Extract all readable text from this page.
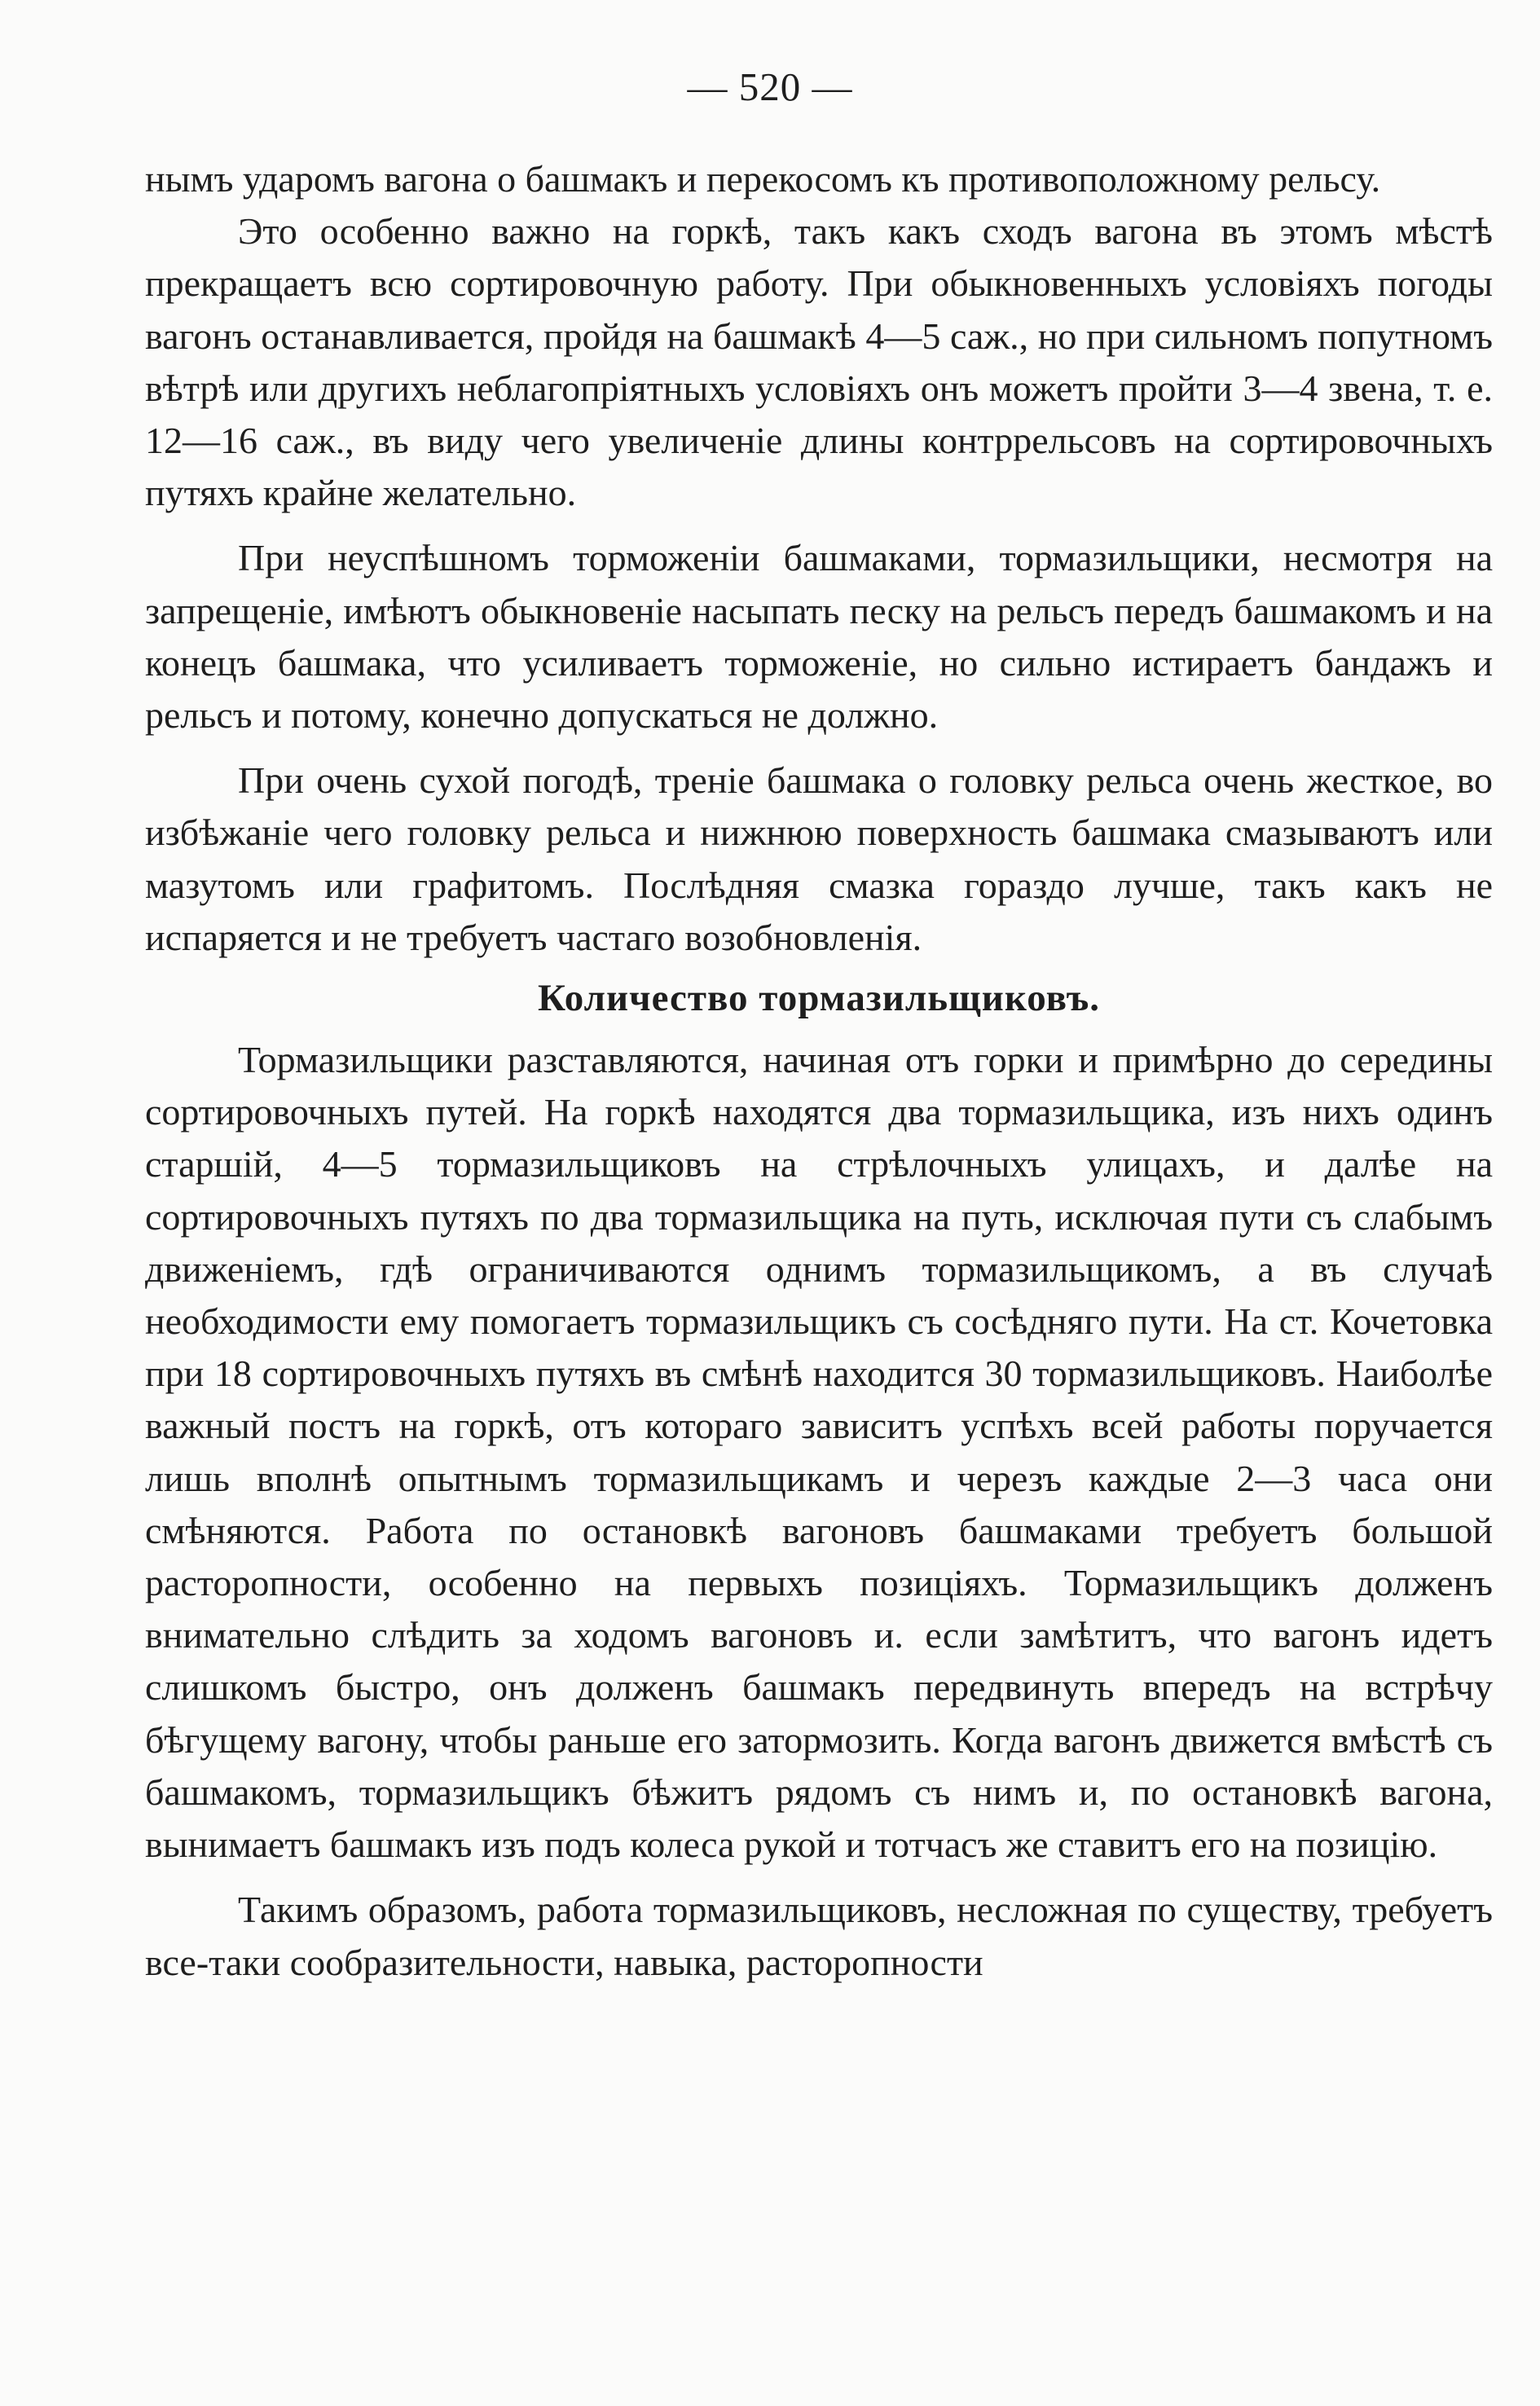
— 520 —

нымъ ударомъ вагона о башмакъ и перекосомъ къ противоположному рельсу.

Это особенно важно на горкѣ, такъ какъ сходъ вагона въ этомъ мѣстѣ прекращаетъ всю сортировочную работу. При обыкновенныхъ условіяхъ погоды вагонъ останавливается, пройдя на башмакѣ 4—5 саж., но при сильномъ попутномъ вѣтрѣ или другихъ неблагопріятныхъ условіяхъ онъ можетъ пройти 3—4 звена, т. е. 12—16 саж., въ виду чего увеличеніе длины контррельсовъ на сортировочныхъ путяхъ крайне желательно.

При неуспѣшномъ торможеніи башмаками, тормазильщики, несмотря на запрещеніе, имѣютъ обыкновеніе насыпать песку на рельсъ передъ башмакомъ и на конецъ башмака, что усиливаетъ торможеніе, но сильно истираетъ бандажъ и рельсъ и потому, конечно допускаться не должно.

При очень сухой погодѣ, треніе башмака о головку рельса очень жесткое, во избѣжаніе чего головку рельса и нижнюю поверхность башмака смазываютъ или мазутомъ или графитомъ. Послѣдняя смазка гораздо лучше, такъ какъ не испаряется и не требуетъ частаго возобновленія.

Количество тормазильщиковъ.

Тормазильщики разставляются, начиная отъ горки и примѣрно до середины сортировочныхъ путей. На горкѣ находятся два тормазильщика, изъ нихъ одинъ старшій, 4—5 тормазильщиковъ на стрѣлочныхъ улицахъ, и далѣе на сортировочныхъ путяхъ по два тормазильщика на путь, исключая пути съ слабымъ движеніемъ, гдѣ ограничиваются однимъ тормазильщикомъ, а въ случаѣ необходимости ему помогаетъ тормазильщикъ съ сосѣдняго пути. На ст. Кочетовка при 18 сортировочныхъ путяхъ въ смѣнѣ находится 30 тормазильщиковъ. Наиболѣе важный постъ на горкѣ, отъ котораго зависитъ успѣхъ всей работы поручается лишь вполнѣ опытнымъ тормазильщикамъ и черезъ каждые 2—3 часа они смѣняются. Работа по остановкѣ вагоновъ башмаками требуетъ большой расторопности, особенно на первыхъ позиціяхъ. Тормазильщикъ долженъ внимательно слѣдить за ходомъ вагоновъ и. если замѣтитъ, что вагонъ идетъ слишкомъ быстро, онъ долженъ башмакъ передвинуть впередъ на встрѣчу бѣгущему вагону, чтобы раньше его затормозить. Когда вагонъ движется вмѣстѣ съ башмакомъ, тормазильщикъ бѣжитъ рядомъ съ нимъ и, по остановкѣ вагона, вынимаетъ башмакъ изъ подъ колеса рукой и тотчасъ же ставитъ его на позицію.

Такимъ образомъ, работа тормазильщиковъ, несложная по существу, требуетъ все-таки сообразительности, навыка, расторопности
